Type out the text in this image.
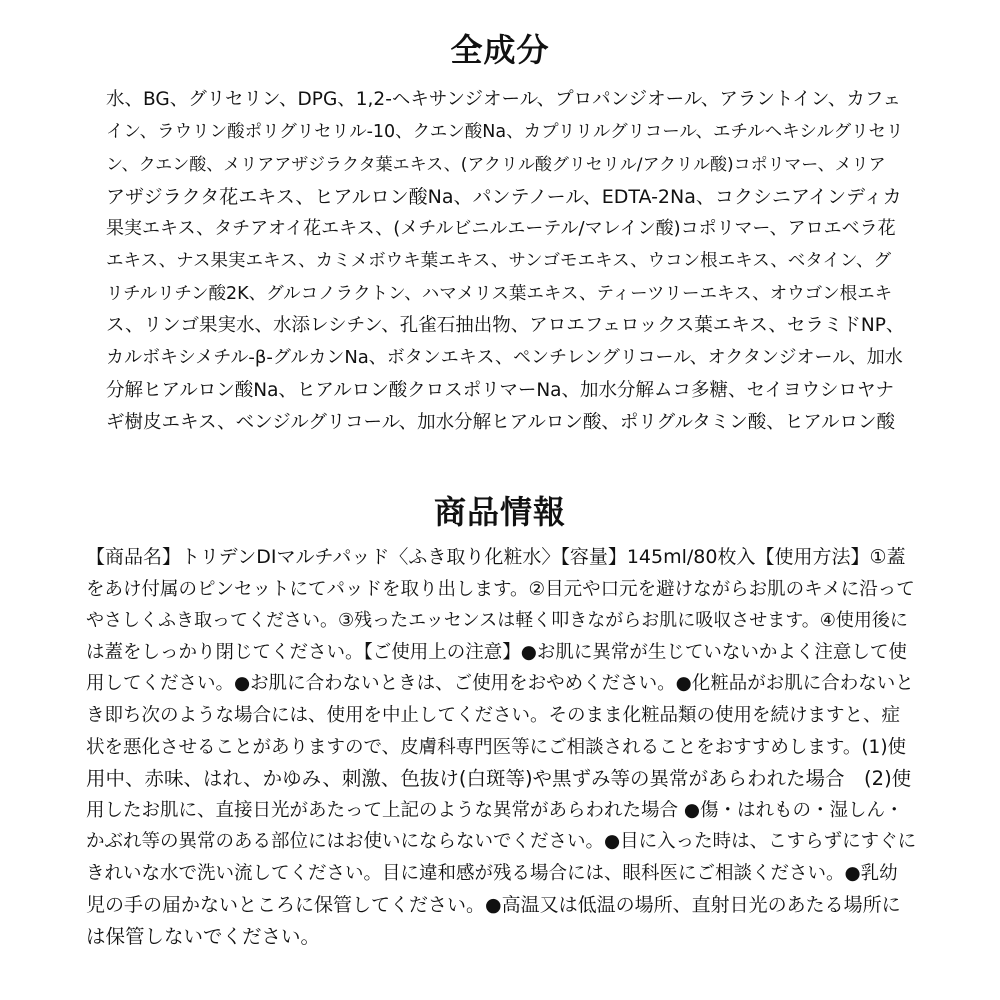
全成分
水、BG、グリセリン、DPG、1,2-ヘキサンジオール、プロパンジオール、アラントイン、カフェ
イン、ラウリン酸ポリグリセリル-10、クエン酸Na、カプリリルグリコール、エチルヘキシルグリセリ
ン、クエン酸、メリアアザジラクタ葉エキス、(アクリル酸グリセリル/アクリル酸)コポリマー、メリア
アザジラクタ花エキス、ヒアルロン酸Na、パンテノール、EDTA-2Na、コクシニアインディカ
果実エキス、タチアオイ花エキス、(メチルビニルエーテル/マレイン酸)コポリマー、アロエベラ花
エキス、ナス果実エキス、カミメボウキ葉エキス、サンゴモエキス、ウコン根エキス、ベタイン、グ
リチルリチン酸2K、グルコノラクトン、ハマメリス葉エキス、ティーツリーエキス、オウゴン根エキ
ス、リンゴ果実水、水添レシチン、孔雀石抽出物、アロエフェロックス葉エキス、セラミドNP、
カルボキシメチル-β-グルカンNa、ボタンエキス、ペンチレングリコール、オクタンジオール、加水
分解ヒアルロン酸Na、ヒアルロン酸クロスポリマーNa、加水分解ムコ多糖、セイヨウシロヤナ
ギ樹皮エキス、ベンジルグリコール、加水分解ヒアルロン酸、ポリグルタミン酸、ヒアルロン酸
商品情報
【商品名】トリデンDIマルチパッド〈ふき取り化粧水〉【容量】145ml/80枚入【使用方法】①蓋
をあけ付属のピンセットにてパッドを取り出します。②目元や口元を避けながらお肌のキメに沿って
やさしくふき取ってください。③残ったエッセンスは軽く叩きながらお肌に吸収させます。④使用後に
は蓋をしっかり閉じてください。【ご使用上の注意】●お肌に異常が生じていないかよく注意して使
用してください。●お肌に合わないときは、ご使用をおやめください。●化粧品がお肌に合わないと
き即ち次のような場合には、使用を中止してください。そのまま化粧品類の使用を続けますと、症
状を悪化させることがありますので、皮膚科専門医等にご相談されることをおすすめします。(1)使
用中、赤味、はれ、かゆみ、刺激、色抜け(白斑等)や黒ずみ等の異常があらわれた場合　(2)使
用したお肌に、直接日光があたって上記のような異常があらわれた場合 ●傷・はれもの・湿しん・
かぶれ等の異常のある部位にはお使いにならないでください。●目に入った時は、こすらずにすぐに
きれいな水で洗い流してください。目に違和感が残る場合には、眼科医にご相談ください。●乳幼
児の手の届かないところに保管してください。●高温又は低温の場所、直射日光のあたる場所に
は保管しないでください。
